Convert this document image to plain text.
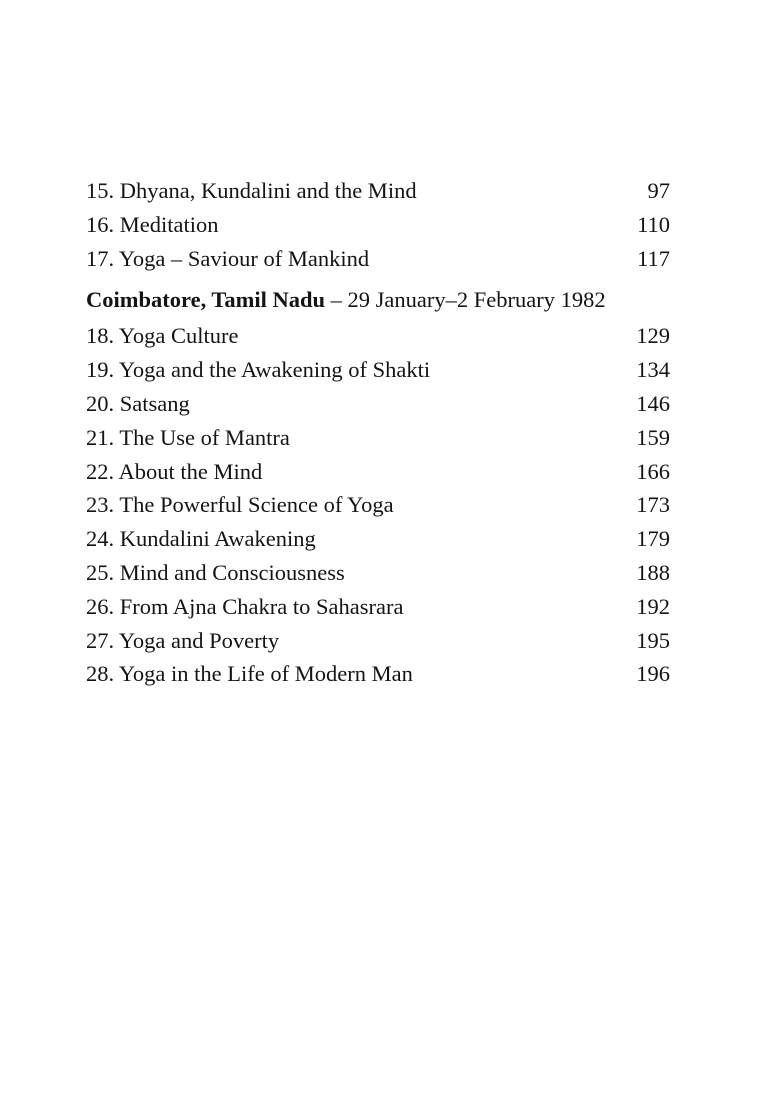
15. Dhyana, Kundalini and the Mind	97
16. Meditation	110
17. Yoga – Saviour of Mankind	117
Coimbatore, Tamil Nadu – 29 January–2 February 1982
18. Yoga Culture	129
19. Yoga and the Awakening of Shakti	134
20. Satsang	146
21. The Use of Mantra	159
22. About the Mind	166
23. The Powerful Science of Yoga	173
24. Kundalini Awakening	179
25. Mind and Consciousness	188
26. From Ajna Chakra to Sahasrara	192
27. Yoga and Poverty	195
28. Yoga in the Life of Modern Man	196
